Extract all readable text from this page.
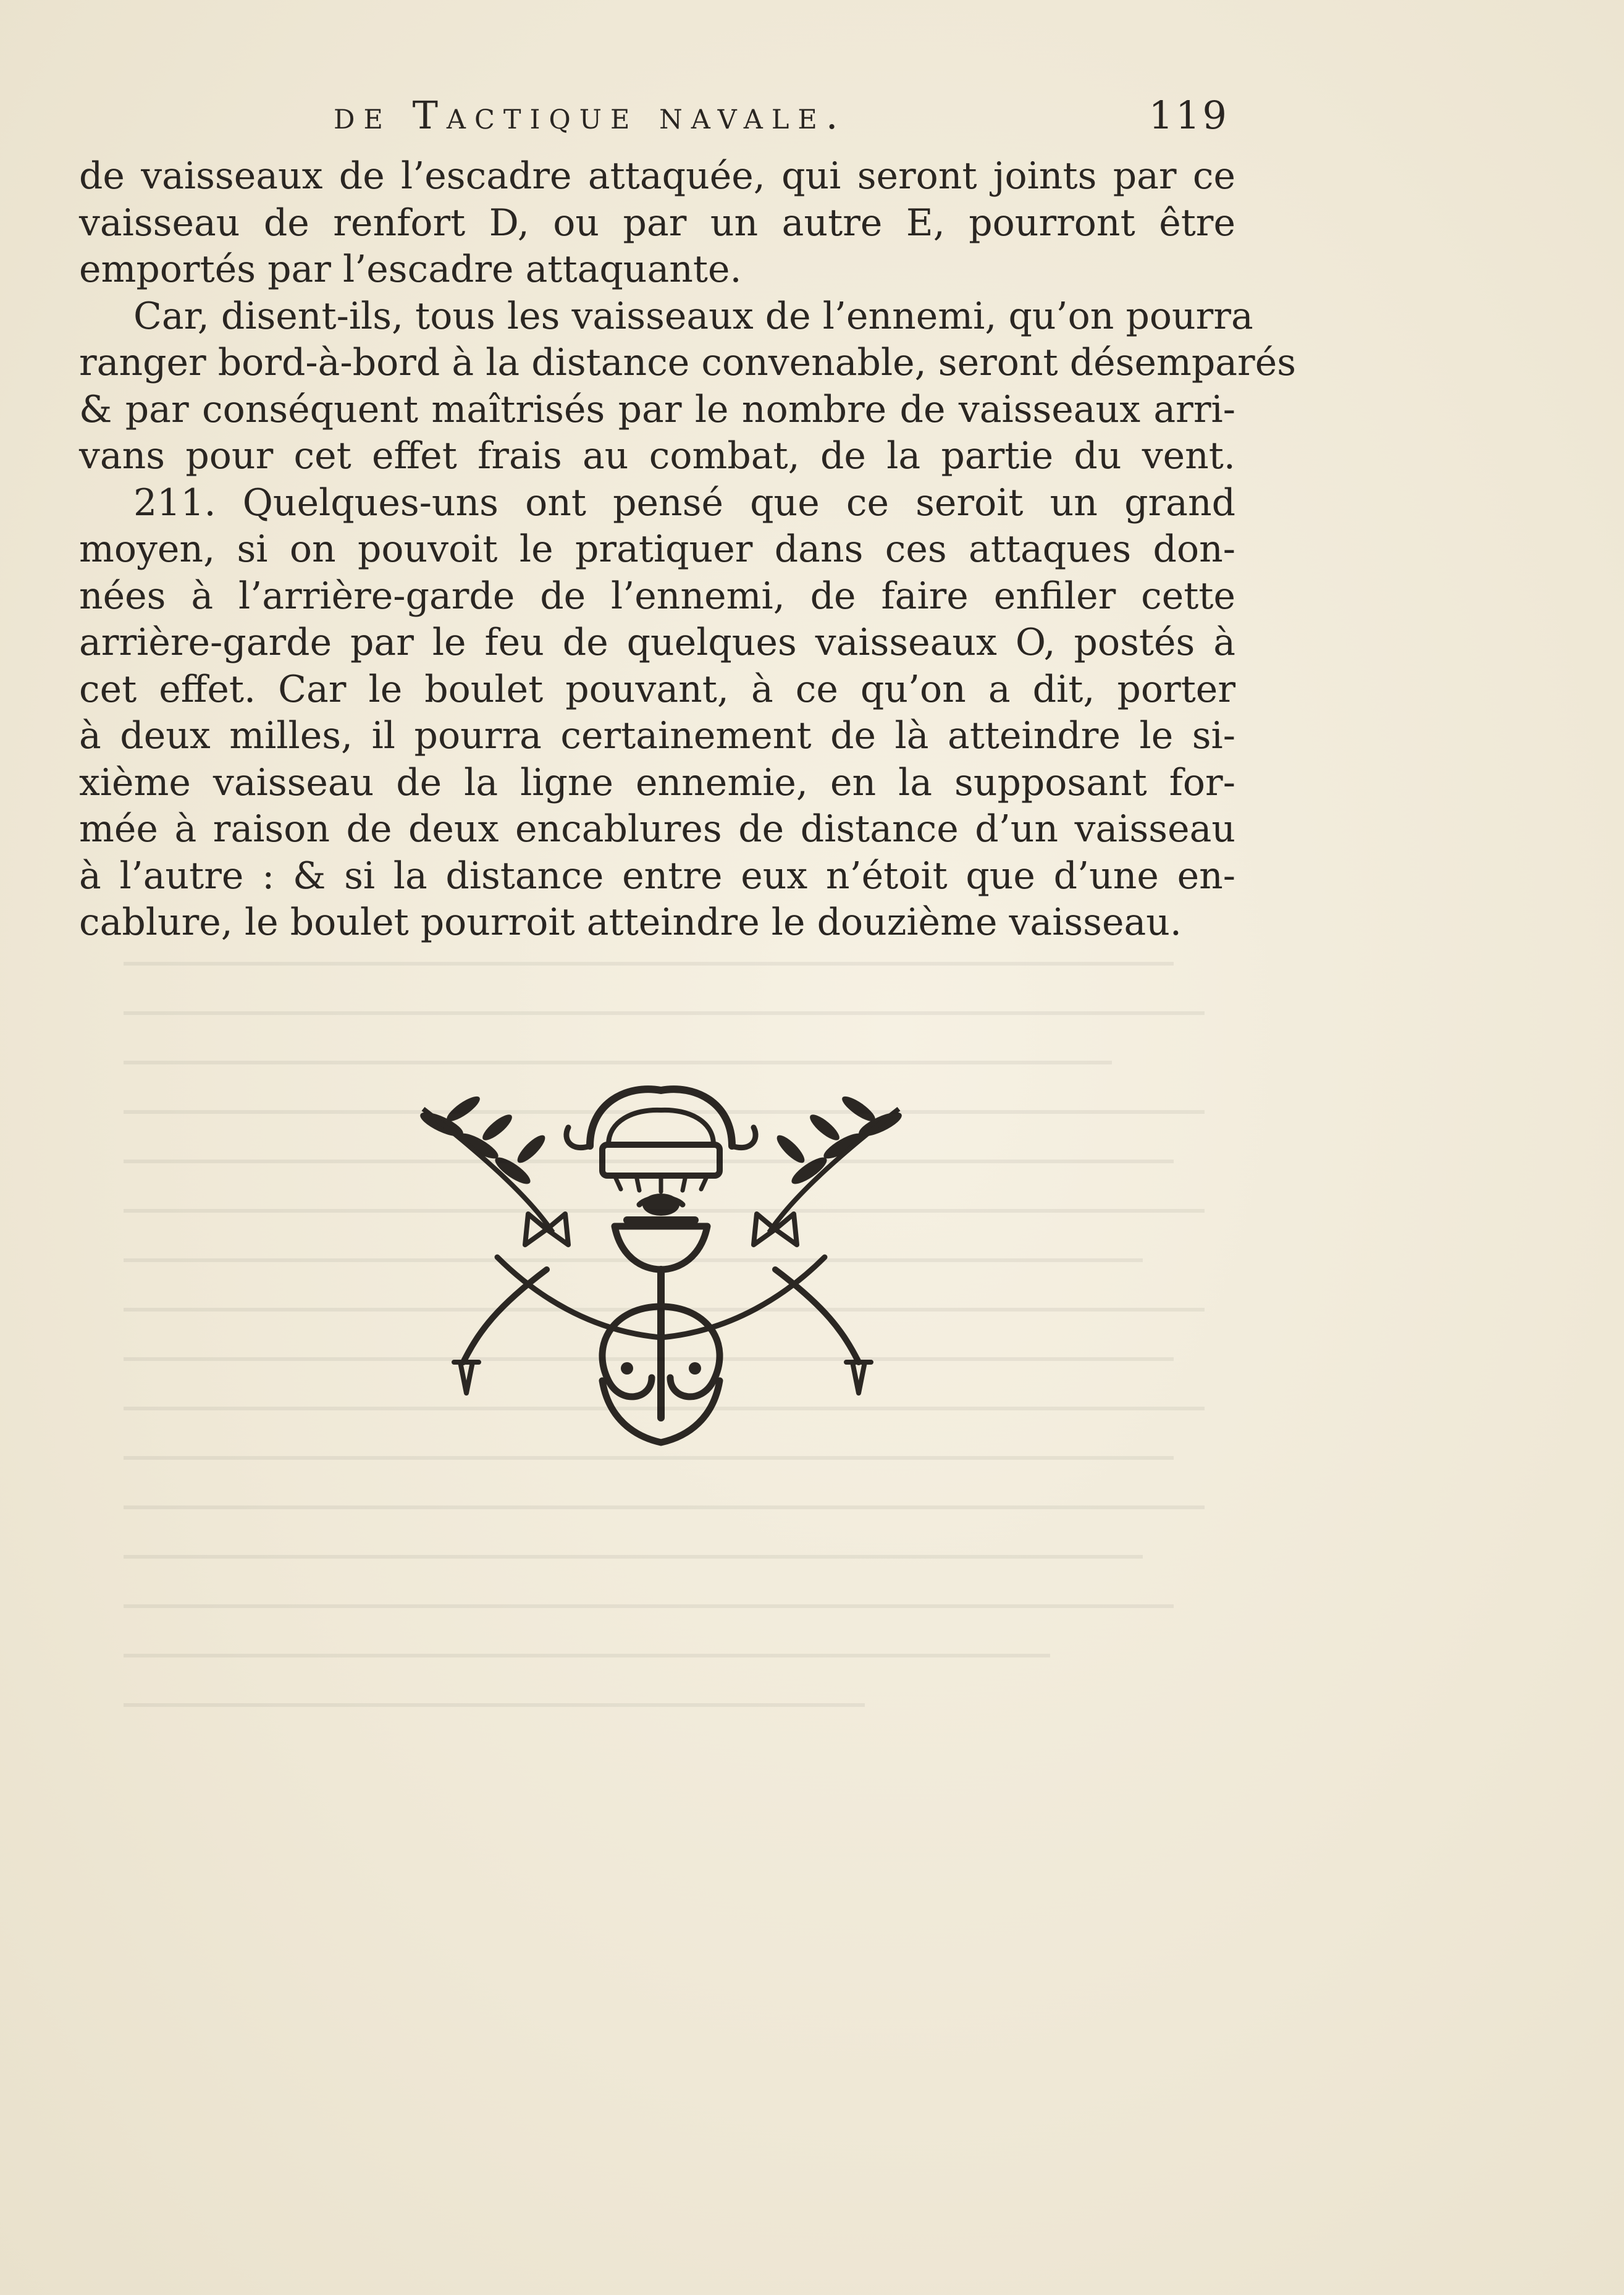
de Tactique navale.	119
de vaisseaux de l’escadre attaquée, qui seront joints par ce
vaisseau de renfort D, ou par un autre E, pourront être
emportés par l’escadre attaquante.
Car, disent-ils, tous les vaisseaux de l’ennemi, qu’on pourra
ranger bord-à-bord à la distance convenable, seront désemparés
& par conséquent maîtrisés par le nombre de vaisseaux arri-
vans pour cet effet frais au combat, de la partie du vent.
211. Quelques-uns ont pensé que ce seroit un grand
moyen, si on pouvoit le pratiquer dans ces attaques don-
nées à l’arrière-garde de l’ennemi, de faire enfiler cette
arrière-garde par le feu de quelques vaisseaux O, postés à
cet effet. Car le boulet pouvant, à ce qu’on a dit, porter
à deux milles, il pourra certainement de là atteindre le si-
xième vaisseau de la ligne ennemie, en la supposant for-
mée à raison de deux encablures de distance d’un vaisseau
à l’autre : & si la distance entre eux n’étoit que d’une en-
cablure, le boulet pourroit atteindre le douzième vaisseau.
